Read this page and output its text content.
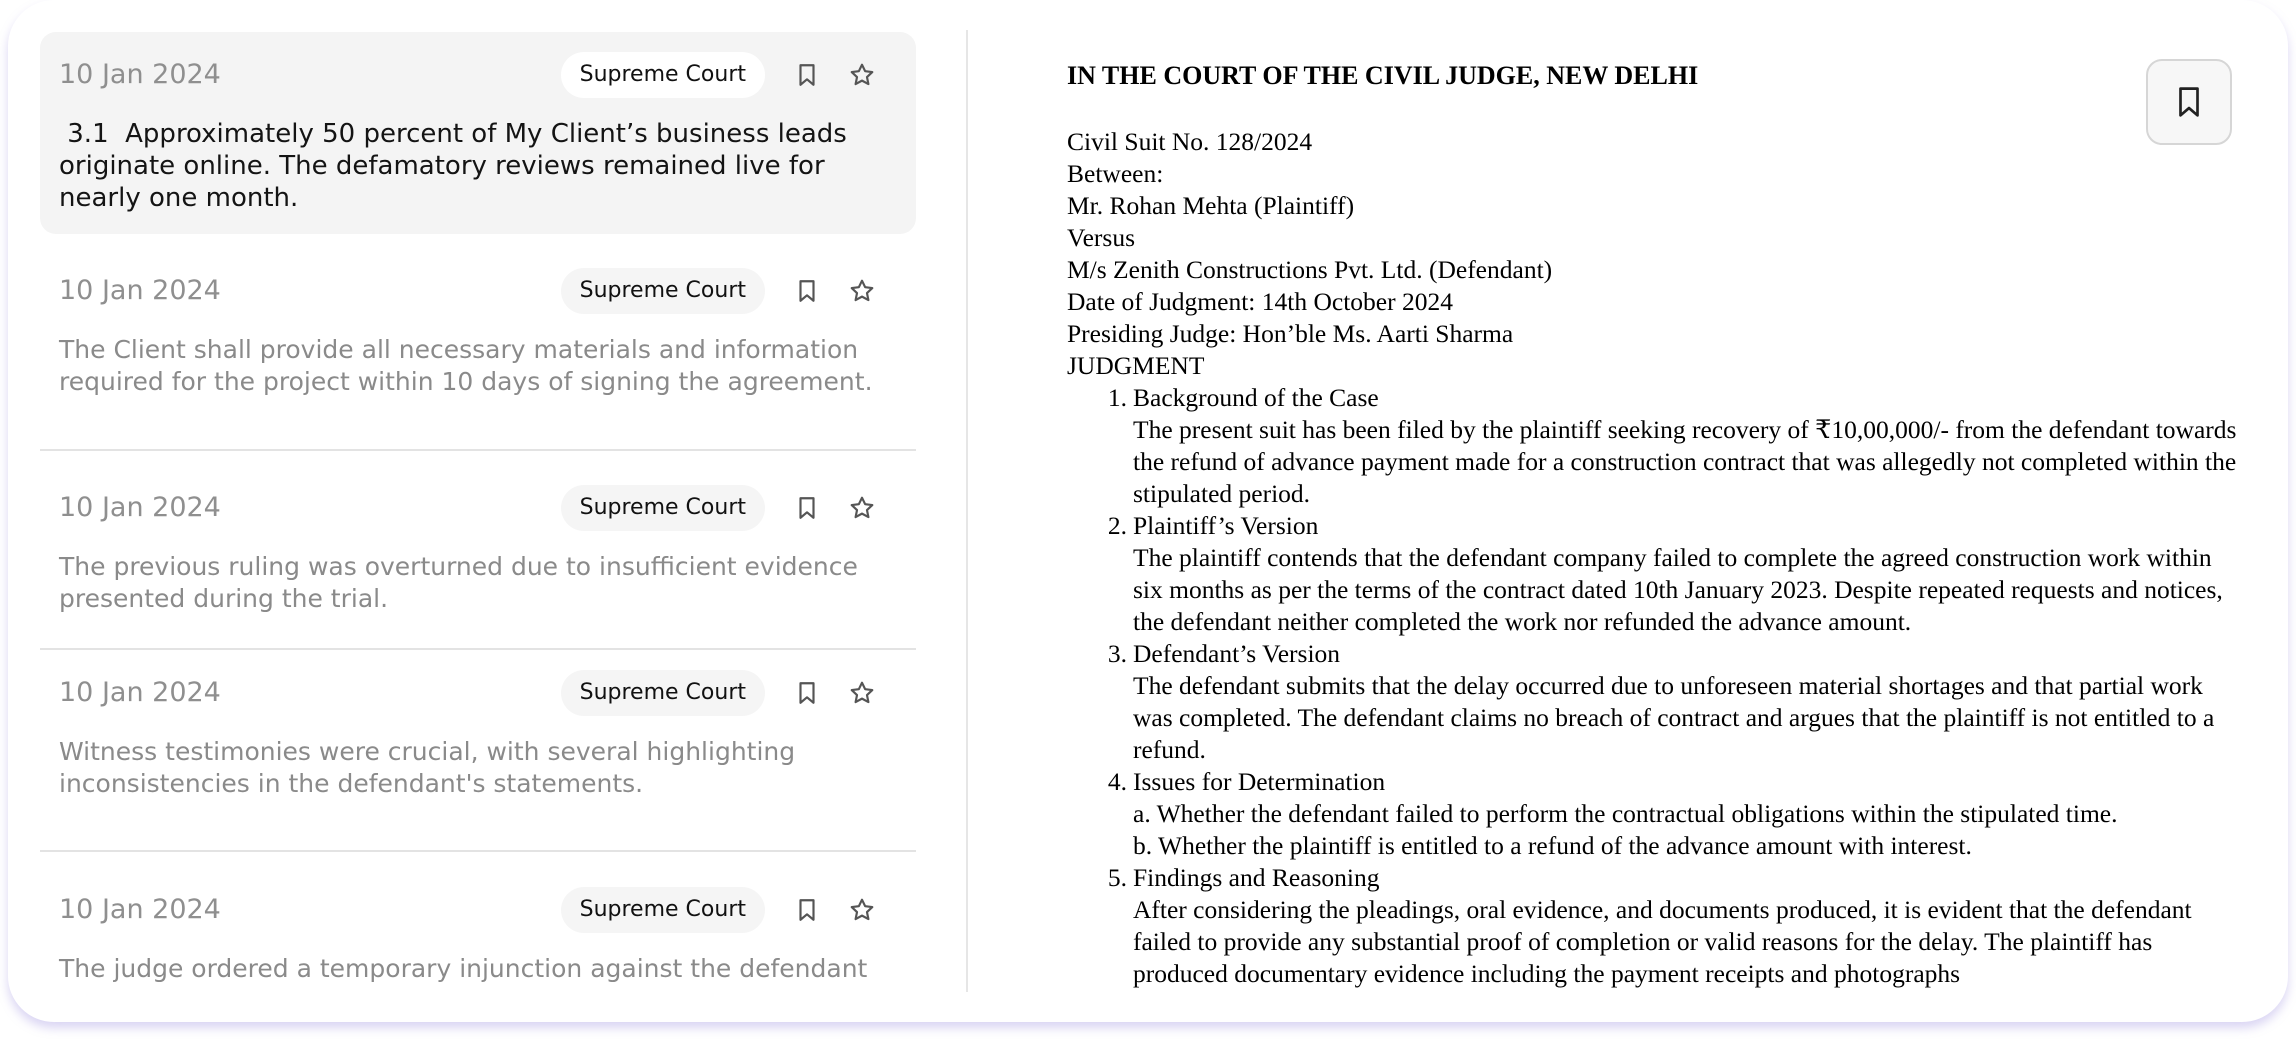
10 Jan 2024	Supreme Court
3.1  Approximately 50 percent of My Client’s business leads originate online. The defamatory reviews remained live for nearly one month.
10 Jan 2024	Supreme Court
The Client shall provide all necessary materials and information required for the project within 10 days of signing the agreement.
10 Jan 2024	Supreme Court
The previous ruling was overturned due to insufficient evidence presented during the trial.
10 Jan 2024	Supreme Court
Witness testimonies were crucial, with several highlighting inconsistencies in the defendant's statements.
10 Jan 2024	Supreme Court
The judge ordered a temporary injunction against the defendant
IN THE COURT OF THE CIVIL JUDGE, NEW DELHI
Civil Suit No. 128/2024
Between:
Mr. Rohan Mehta (Plaintiff)
Versus
M/s Zenith Constructions Pvt. Ltd. (Defendant)
Date of Judgment: 14th October 2024
Presiding Judge: Hon’ble Ms. Aarti Sharma
JUDGMENT
1. Background of the Case
The present suit has been filed by the plaintiff seeking recovery of ₹10,00,000/- from the defendant towards the refund of advance payment made for a construction contract that was allegedly not completed within the stipulated period.
2. Plaintiff’s Version
The plaintiff contends that the defendant company failed to complete the agreed construction work within six months as per the terms of the contract dated 10th January 2023. Despite repeated requests and notices, the defendant neither completed the work nor refunded the advance amount.
3. Defendant’s Version
The defendant submits that the delay occurred due to unforeseen material shortages and that partial work was completed. The defendant claims no breach of contract and argues that the plaintiff is not entitled to a refund.
4. Issues for Determination
a. Whether the defendant failed to perform the contractual obligations within the stipulated time.
b. Whether the plaintiff is entitled to a refund of the advance amount with interest.
5. Findings and Reasoning
After considering the pleadings, oral evidence, and documents produced, it is evident that the defendant failed to provide any substantial proof of completion or valid reasons for the delay. The plaintiff has produced documentary evidence including the payment receipts and photographs
